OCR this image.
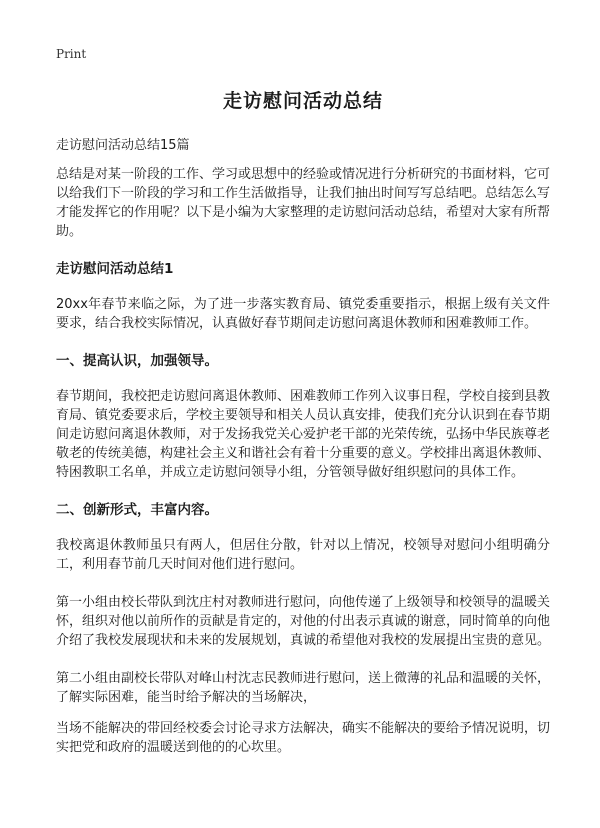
Print
走访慰问活动总结

走访慰问活动总结15篇

总结是对某一阶段的工作、学习或思想中的经验或情况进行分析研究的书面材料，它可以给我们下一阶段的学习和工作生活做指导，让我们抽出时间写写总结吧。总结怎么写才能发挥它的作用呢？以下是小编为大家整理的走访慰问活动总结，希望对大家有所帮助。

走访慰问活动总结1

20xx年春节来临之际，为了进一步落实教育局、镇党委重要指示，根据上级有关文件要求，结合我校实际情况，认真做好春节期间走访慰问离退休教师和困难教师工作。

一、提高认识，加强领导。

春节期间，我校把走访慰问离退休教师、困难教师工作列入议事日程，学校自接到县教育局、镇党委要求后，学校主要领导和相关人员认真安排，使我们充分认识到在春节期间走访慰问离退休教师，对于发扬我党关心爱护老干部的光荣传统，弘扬中华民族尊老敬老的传统美德，构建社会主义和谐社会有着十分重要的意义。学校排出离退休教师、特困教职工名单，并成立走访慰问领导小组，分管领导做好组织慰问的具体工作。

二、创新形式，丰富内容。

我校离退休教师虽只有两人，但居住分散，针对以上情况，校领导对慰问小组明确分工，利用春节前几天时间对他们进行慰问。

第一小组由校长带队到沈庄村对教师进行慰问，向他传递了上级领导和校领导的温暖关怀，组织对他以前所作的贡献是肯定的，对他的付出表示真诚的谢意，同时简单的向他介绍了我校发展现状和未来的发展规划，真诚的希望他对我校的发展提出宝贵的意见。

第二小组由副校长带队对峰山村沈志民教师进行慰问，送上微薄的礼品和温暖的关怀，了解实际困难，能当时给予解决的当场解决，

当场不能解决的带回经校委会讨论寻求方法解决，确实不能解决的要给予情况说明，切实把党和政府的温暖送到他的的心坎里。
